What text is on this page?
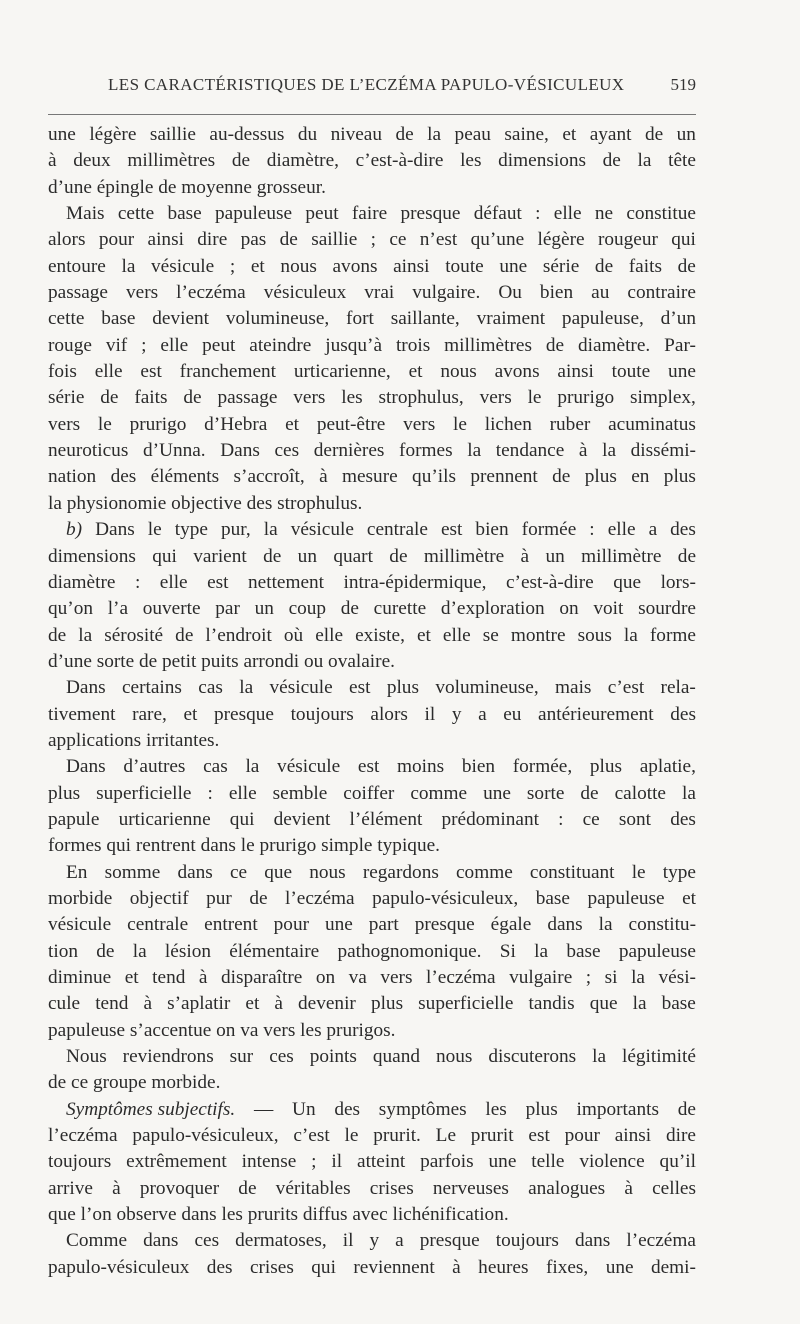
LES CARACTÉRISTIQUES DE L’ECZÉMA PAPULO-VÉSICULEUX	519
une légère saillie au-dessus du niveau de la peau saine, et ayant de un
à deux millimètres de diamètre, c’est-à-dire les dimensions de la tête
d’une épingle de moyenne grosseur.
Mais cette base papuleuse peut faire presque défaut : elle ne constitue
alors pour ainsi dire pas de saillie ; ce n’est qu’une légère rougeur qui
entoure la vésicule ; et nous avons ainsi toute une série de faits de
passage vers l’eczéma vésiculeux vrai vulgaire. Ou bien au contraire
cette base devient volumineuse, fort saillante, vraiment papuleuse, d’un
rouge vif ; elle peut ateindre jusqu’à trois millimètres de diamètre. Par-
fois elle est franchement urticarienne, et nous avons ainsi toute une
série de faits de passage vers les strophulus, vers le prurigo simplex,
vers le prurigo d’Hebra et peut-être vers le lichen ruber acuminatus
neuroticus d’Unna. Dans ces dernières formes la tendance à la dissémi-
nation des éléments s’accroît, à mesure qu’ils prennent de plus en plus
la physionomie objective des strophulus.
b) Dans le type pur, la vésicule centrale est bien formée : elle a des
dimensions qui varient de un quart de millimètre à un millimètre de
diamètre : elle est nettement intra-épidermique, c’est-à-dire que lors-
qu’on l’a ouverte par un coup de curette d’exploration on voit sourdre
de la sérosité de l’endroit où elle existe, et elle se montre sous la forme
d’une sorte de petit puits arrondi ou ovalaire.
Dans certains cas la vésicule est plus volumineuse, mais c’est rela-
tivement rare, et presque toujours alors il y a eu antérieurement des
applications irritantes.
Dans d’autres cas la vésicule est moins bien formée, plus aplatie,
plus superficielle : elle semble coiffer comme une sorte de calotte la
papule urticarienne qui devient l’élément prédominant : ce sont des
formes qui rentrent dans le prurigo simple typique.
En somme dans ce que nous regardons comme constituant le type
morbide objectif pur de l’eczéma papulo-vésiculeux, base papuleuse et
vésicule centrale entrent pour une part presque égale dans la constitu-
tion de la lésion élémentaire pathognomonique. Si la base papuleuse
diminue et tend à disparaître on va vers l’eczéma vulgaire ; si la vési-
cule tend à s’aplatir et à devenir plus superficielle tandis que la base
papuleuse s’accentue on va vers les prurigos.
Nous reviendrons sur ces points quand nous discuterons la légitimité
de ce groupe morbide.
Symptômes subjectifs. — Un des symptômes les plus importants de
l’eczéma papulo-vésiculeux, c’est le prurit. Le prurit est pour ainsi dire
toujours extrêmement intense ; il atteint parfois une telle violence qu’il
arrive à provoquer de véritables crises nerveuses analogues à celles
que l’on observe dans les prurits diffus avec lichénification.
Comme dans ces dermatoses, il y a presque toujours dans l’eczéma
papulo-vésiculeux des crises qui reviennent à heures fixes, une demi-
